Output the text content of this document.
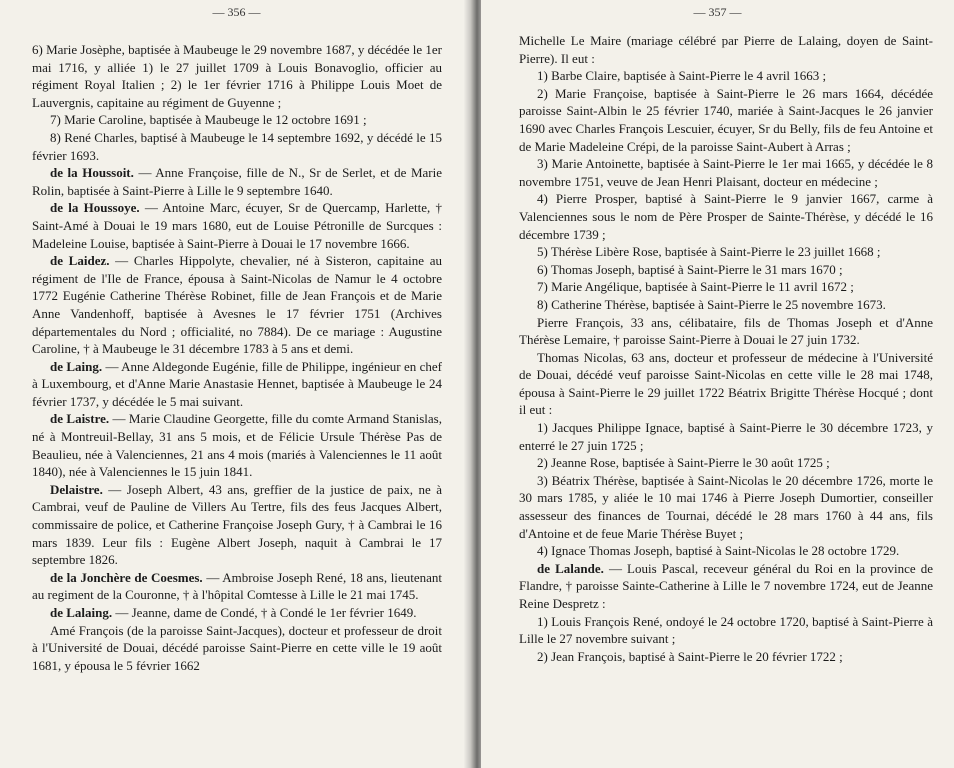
— 356 —

6) Marie Josèphe, baptisée à Maubeuge le 29 novembre 1687, y décédée le 1er mai 1716, y alliée 1) le 27 juillet 1709 à Louis Bonavoglio, officier au régiment Royal Italien ; 2) le 1er février 1716 à Philippe Louis Moet de Lauvergnis, capitaine au régiment de Guyenne ;

7) Marie Caroline, baptisée à Maubeuge le 12 octobre 1691 ;

8) René Charles, baptisé à Maubeuge le 14 septembre 1692, y décédé le 15 février 1693.

de la Houssoit. — Anne Françoise, fille de N., Sr de Serlet, et de Marie Rolin, baptisée à Saint-Pierre à Lille le 9 septembre 1640.

de la Houssoye. — Antoine Marc, écuyer, Sr de Quercamp, Harlette, † Saint-Amé à Douai le 19 mars 1680, eut de Louise Pétronille de Surcques : Madeleine Louise, baptisée à Saint-Pierre à Douai le 17 novembre 1666.

de Laidez. — Charles Hippolyte, chevalier, né à Sisteron, capitaine au régiment de l'Ile de France, épousa à Saint-Nicolas de Namur le 4 octobre 1772 Eugénie Catherine Thérèse Robinet, fille de Jean François et de Marie Anne Vandenhoff, baptisée à Avesnes le 17 février 1751 (Archives départementales du Nord ; officialité, no 7884). De ce mariage : Augustine Caroline, † à Maubeuge le 31 décembre 1783 à 5 ans et demi.

de Laing. — Anne Aldegonde Eugénie, fille de Philippe, ingénieur en chef à Luxembourg, et d'Anne Marie Anastasie Hennet, baptisée à Maubeuge le 24 février 1737, y décédée le 5 mai suivant.

de Laistre. — Marie Claudine Georgette, fille du comte Armand Stanislas, né à Montreuil-Bellay, 31 ans 5 mois, et de Félicie Ursule Thérèse Pas de Beaulieu, née à Valenciennes, 21 ans 4 mois (mariés à Valenciennes le 11 août 1840), née à Valenciennes le 15 juin 1841.

Delaistre. — Joseph Albert, 43 ans, greffier de la justice de paix, ne à Cambrai, veuf de Pauline de Villers Au Tertre, fils des feus Jacques Albert, commissaire de police, et Catherine Françoise Joseph Gury, † à Cambrai le 16 mars 1839. Leur fils : Eugène Albert Joseph, naquit à Cambrai le 17 septembre 1826.

de la Jonchère de Coesmes. — Ambroise Joseph René, 18 ans, lieutenant au regiment de la Couronne, † à l'hôpital Comtesse à Lille le 21 mai 1745.

de Lalaing. — Jeanne, dame de Condé, † à Condé le 1er février 1649.

Amé François (de la paroisse Saint-Jacques), docteur et professeur de droit à l'Université de Douai, décédé paroisse Saint-Pierre en cette ville le 19 août 1681, y épousa le 5 février 1662

— 357 —

Michelle Le Maire (mariage célébré par Pierre de Lalaing, doyen de Saint-Pierre). Il eut :

1) Barbe Claire, baptisée à Saint-Pierre le 4 avril 1663 ;

2) Marie Françoise, baptisée à Saint-Pierre le 26 mars 1664, décédée paroisse Saint-Albin le 25 février 1740, mariée à Saint-Jacques le 26 janvier 1690 avec Charles François Lescuier, écuyer, Sr du Belly, fils de feu Antoine et de Marie Madeleine Crépi, de la paroisse Saint-Aubert à Arras ;

3) Marie Antoinette, baptisée à Saint-Pierre le 1er mai 1665, y décédée le 8 novembre 1751, veuve de Jean Henri Plaisant, docteur en médecine ;

4) Pierre Prosper, baptisé à Saint-Pierre le 9 janvier 1667, carme à Valenciennes sous le nom de Père Prosper de Sainte-Thérèse, y décédé le 16 décembre 1739 ;

5) Thérèse Libère Rose, baptisée à Saint-Pierre le 23 juillet 1668 ;

6) Thomas Joseph, baptisé à Saint-Pierre le 31 mars 1670 ;

7) Marie Angélique, baptisée à Saint-Pierre le 11 avril 1672 ;

8) Catherine Thérèse, baptisée à Saint-Pierre le 25 novembre 1673.

Pierre François, 33 ans, célibataire, fils de Thomas Joseph et d'Anne Thérèse Lemaire, † paroisse Saint-Pierre à Douai le 27 juin 1732.

Thomas Nicolas, 63 ans, docteur et professeur de médecine à l'Université de Douai, décédé veuf paroisse Saint-Nicolas en cette ville le 28 mai 1748, épousa à Saint-Pierre le 29 juillet 1722 Béatrix Brigitte Thérèse Hocqué ; dont il eut :

1) Jacques Philippe Ignace, baptisé à Saint-Pierre le 30 décembre 1723, y enterré le 27 juin 1725 ;

2) Jeanne Rose, baptisée à Saint-Pierre le 30 août 1725 ;

3) Béatrix Thérèse, baptisée à Saint-Nicolas le 20 décembre 1726, morte le 30 mars 1785, y aliée le 10 mai 1746 à Pierre Joseph Dumortier, conseiller assesseur des finances de Tournai, décédé le 28 mars 1760 à 44 ans, fils d'Antoine et de feue Marie Thérèse Buyet ;

4) Ignace Thomas Joseph, baptisé à Saint-Nicolas le 28 octobre 1729.

de Lalande. — Louis Pascal, receveur général du Roi en la province de Flandre, † paroisse Sainte-Catherine à Lille le 7 novembre 1724, eut de Jeanne Reine Despretz :

1) Louis François René, ondoyé le 24 octobre 1720, baptisé à Saint-Pierre à Lille le 27 novembre suivant ;

2) Jean François, baptisé à Saint-Pierre le 20 février 1722 ;
